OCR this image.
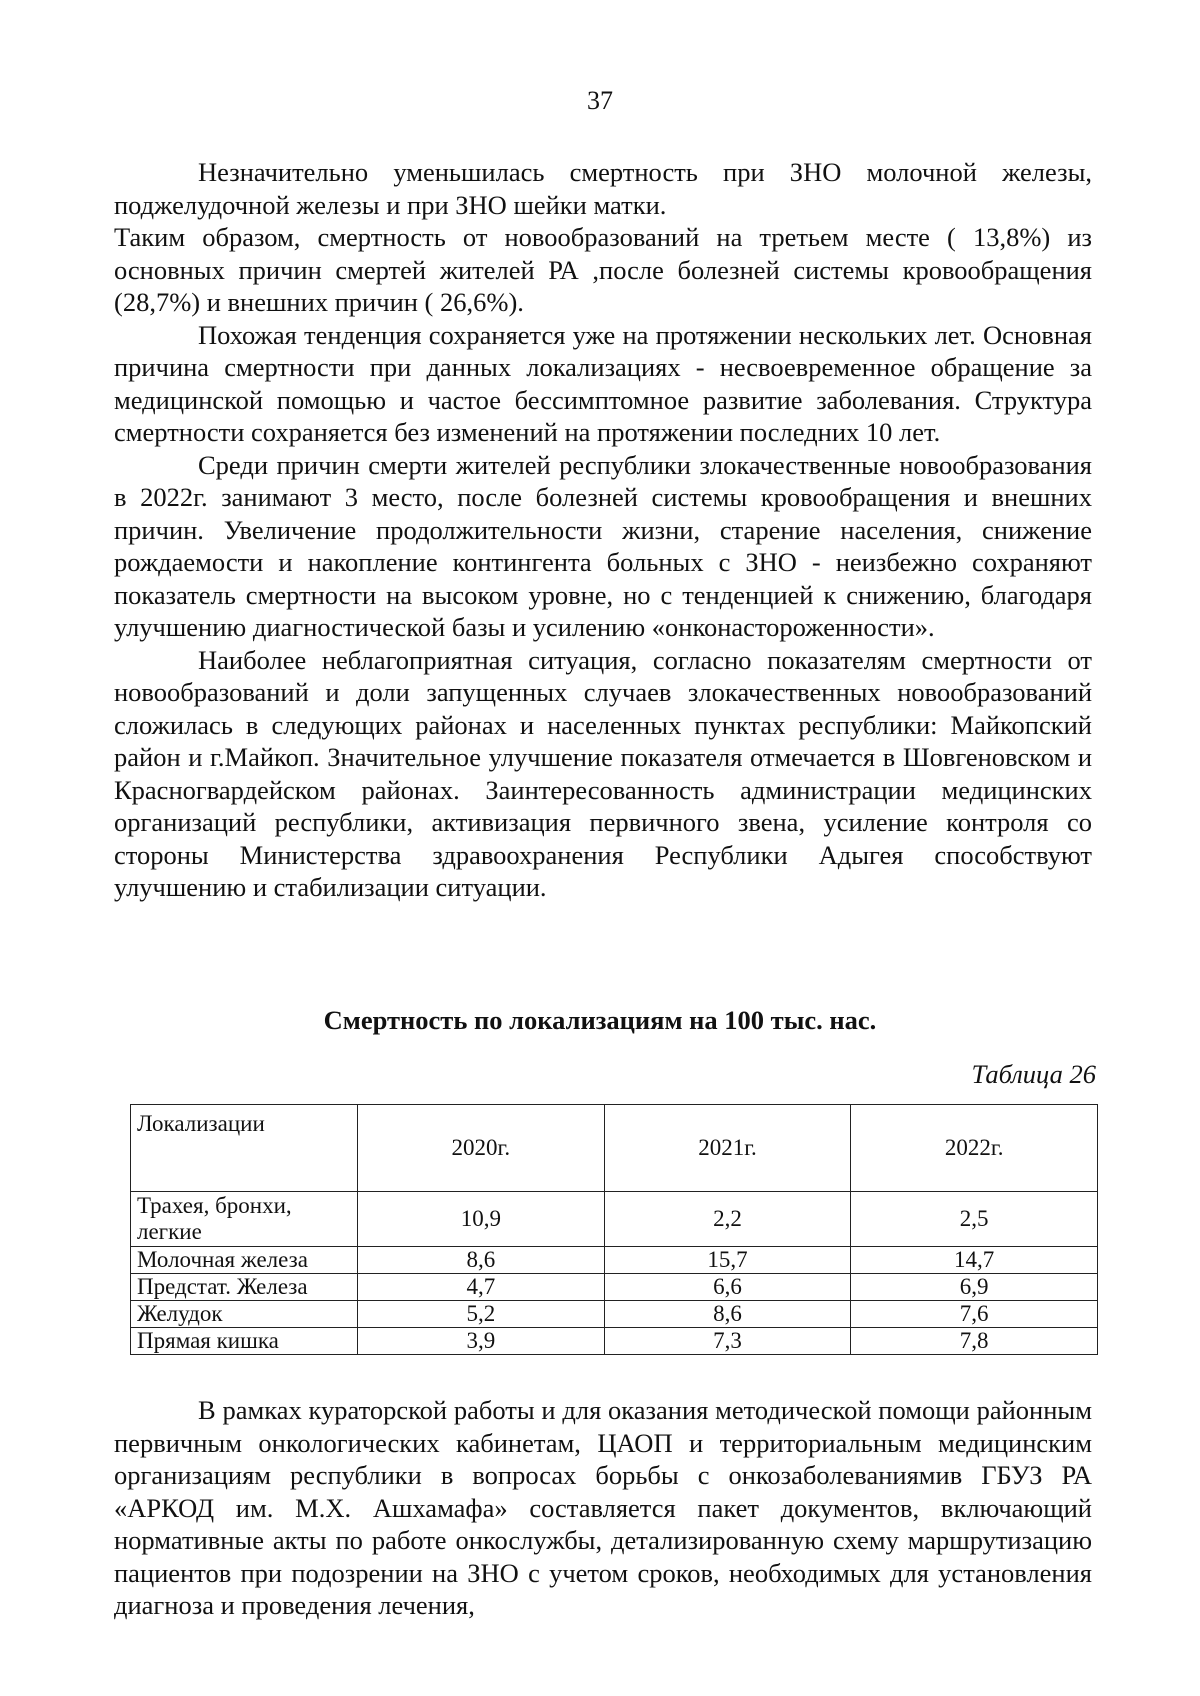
37

Незначительно уменьшилась смертность при ЗНО молочной железы, поджелудочной железы и при ЗНО шейки матки.

Таким образом, смертность от новообразований на третьем месте ( 13,8%) из основных причин смертей жителей РА ,после болезней системы кровообращения (28,7%) и внешних причин ( 26,6%).

Похожая тенденция сохраняется уже на протяжении нескольких лет. Основная причина смертности при данных локализациях - несвоевременное обращение за медицинской помощью и частое бессимптомное развитие заболевания. Структура смертности сохраняется без изменений на протяжении последних 10 лет.

Среди причин смерти жителей республики злокачественные новообразования в 2022г. занимают 3 место, после болезней системы кровообращения и внешних причин. Увеличение продолжительности жизни, старение населения, снижение рождаемости и накопление контингента больных с ЗНО - неизбежно сохраняют показатель смертности на высоком уровне, но с тенденцией к снижению, благодаря улучшению диагностической базы и усилению «онконастороженности».

Наиболее неблагоприятная ситуация, согласно показателям смертности от новообразований и доли запущенных случаев злокачественных новообразований сложилась в следующих районах и населенных пунктах республики: Майкопский район и г.Майкоп. Значительное улучшение показателя отмечается в Шовгеновском и Красногвардейском районах. Заинтересованность администрации медицинских организаций республики, активизация первичного звена, усиление контроля со стороны Министерства здравоохранения Республики Адыгея способствуют улучшению и стабилизации ситуации.

Смертность по локализациям на 100 тыс. нас.
Таблица 26
Локализации	2020г.	2021г.	2022г.
Трахея, бронхи, легкие	10,9	2,2	2,5
Молочная железа	8,6	15,7	14,7
Предстат. Железа	4,7	6,6	6,9
Желудок	5,2	8,6	7,6
Прямая кишка	3,9	7,3	7,8

В рамках кураторской работы и для оказания методической помощи районным первичным онкологических кабинетам, ЦАОП и территориальным медицинским организациям республики в вопросах борьбы с онкозаболеваниямив ГБУЗ РА «АРКОД им. М.Х. Ашхамафа» составляется пакет документов, включающий нормативные акты по работе онкослужбы, детализированную схему маршрутизацию пациентов при подозрении на ЗНО с учетом сроков, необходимых для установления диагноза и проведения лечения,
